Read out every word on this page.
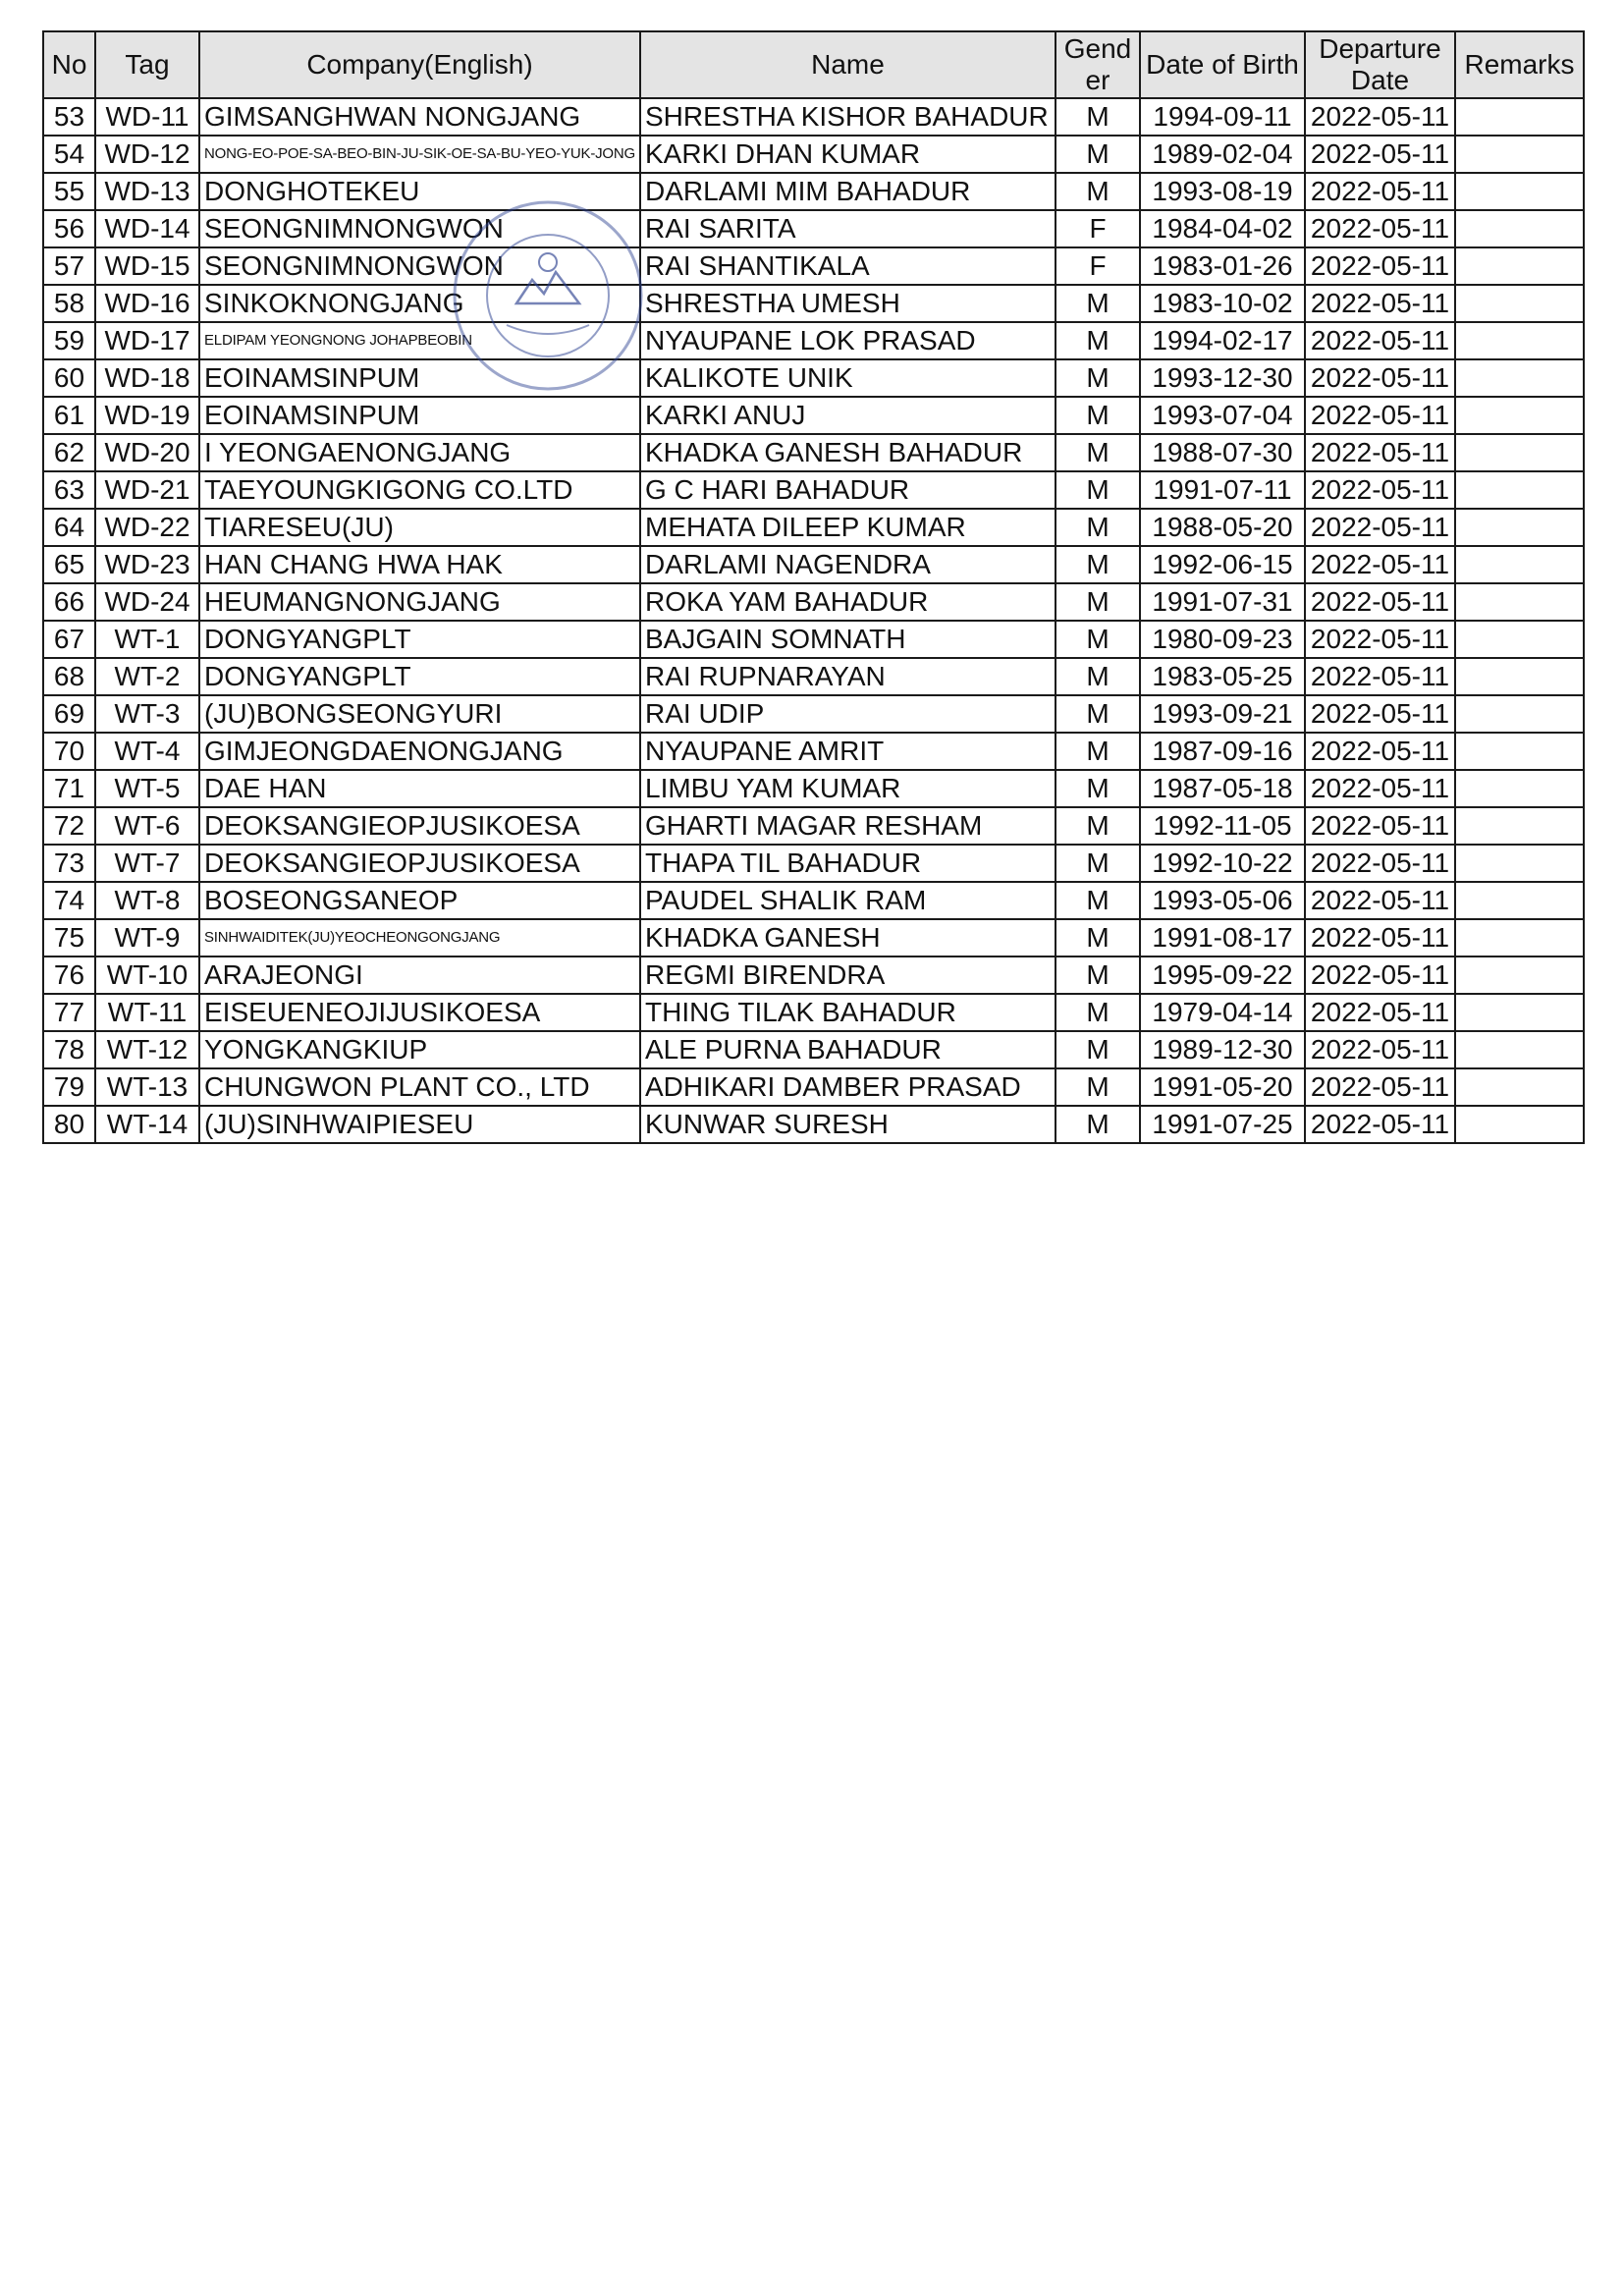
No	Tag	Company(English)	Name	Gend er	Date of Birth	Departure Date	Remarks
53	WD-11	GIMSANGHWAN NONGJANG	SHRESTHA KISHOR BAHADUR	M	1994-09-11	2022-05-11	
54	WD-12	NONG-EO-POE-SA-BEO-BIN-JU-SIK-OE-SA-BU-YEO-YUK-JONG	KARKI DHAN KUMAR	M	1989-02-04	2022-05-11	
55	WD-13	DONGHOTEKEU	DARLAMI MIM BAHADUR	M	1993-08-19	2022-05-11	
56	WD-14	SEONGNIMNONGWON	RAI SARITA	F	1984-04-02	2022-05-11	
57	WD-15	SEONGNIMNONGWON	RAI SHANTIKALA	F	1983-01-26	2022-05-11	
58	WD-16	SINKOKNONGJANG	SHRESTHA UMESH	M	1983-10-02	2022-05-11	
59	WD-17	ELDIPAM YEONGNONG JOHAPBEOBIN	NYAUPANE LOK PRASAD	M	1994-02-17	2022-05-11	
60	WD-18	EOINAMSINPUM	KALIKOTE UNIK	M	1993-12-30	2022-05-11	
61	WD-19	EOINAMSINPUM	KARKI ANUJ	M	1993-07-04	2022-05-11	
62	WD-20	I YEONGAENONGJANG	KHADKA GANESH BAHADUR	M	1988-07-30	2022-05-11	
63	WD-21	TAEYOUNGKIGONG CO.LTD	G C HARI BAHADUR	M	1991-07-11	2022-05-11	
64	WD-22	TIARESEU(JU)	MEHATA DILEEP KUMAR	M	1988-05-20	2022-05-11	
65	WD-23	HAN CHANG HWA HAK	DARLAMI NAGENDRA	M	1992-06-15	2022-05-11	
66	WD-24	HEUMANGNONGJANG	ROKA YAM BAHADUR	M	1991-07-31	2022-05-11	
67	WT-1	DONGYANGPLT	BAJGAIN SOMNATH	M	1980-09-23	2022-05-11	
68	WT-2	DONGYANGPLT	RAI RUPNARAYAN	M	1983-05-25	2022-05-11	
69	WT-3	(JU)BONGSEONGYURI	RAI UDIP	M	1993-09-21	2022-05-11	
70	WT-4	GIMJEONGDAENONGJANG	NYAUPANE AMRIT	M	1987-09-16	2022-05-11	
71	WT-5	DAE HAN	LIMBU YAM KUMAR	M	1987-05-18	2022-05-11	
72	WT-6	DEOKSANGIEOPJUSIKOESA	GHARTI MAGAR RESHAM	M	1992-11-05	2022-05-11	
73	WT-7	DEOKSANGIEOPJUSIKOESA	THAPA TIL BAHADUR	M	1992-10-22	2022-05-11	
74	WT-8	BOSEONGSANEOP	PAUDEL SHALIK RAM	M	1993-05-06	2022-05-11	
75	WT-9	SINHWAIDITEK(JU)YEOCHEONGONGJANG	KHADKA GANESH	M	1991-08-17	2022-05-11	
76	WT-10	ARAJEONGI	REGMI BIRENDRA	M	1995-09-22	2022-05-11	
77	WT-11	EISEUENEOJIJUSIKOESA	THING TILAK BAHADUR	M	1979-04-14	2022-05-11	
78	WT-12	YONGKANGKIUP	ALE PURNA BAHADUR	M	1989-12-30	2022-05-11	
79	WT-13	CHUNGWON PLANT CO., LTD	ADHIKARI DAMBER PRASAD	M	1991-05-20	2022-05-11	
80	WT-14	(JU)SINHWAIPIESEU	KUNWAR SURESH	M	1991-07-25	2022-05-11	
